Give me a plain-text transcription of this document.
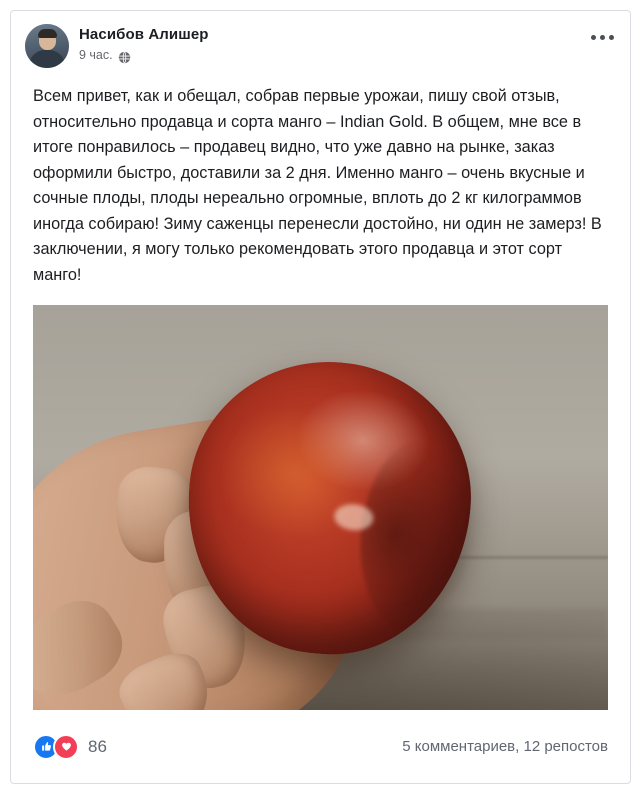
Насибов Алишер
9 час.
Всем привет, как и обещал, собрав первые урожаи, пишу свой отзыв, относительно продавца и сорта манго – Indian Gold. В общем, мне все в итоге понравилось – продавец видно, что уже давно на рынке, заказ оформили быстро, доставили за 2 дня. Именно манго – очень вкусные и сочные плоды, плоды нереально огромные, вплоть до 2 кг килограммов иногда собираю! Зиму саженцы перенесли достойно, ни один не замерз! В заключении, я могу только рекомендовать этого продавца и этот сорт манго!
86	5 комментариев, 12 репостов
